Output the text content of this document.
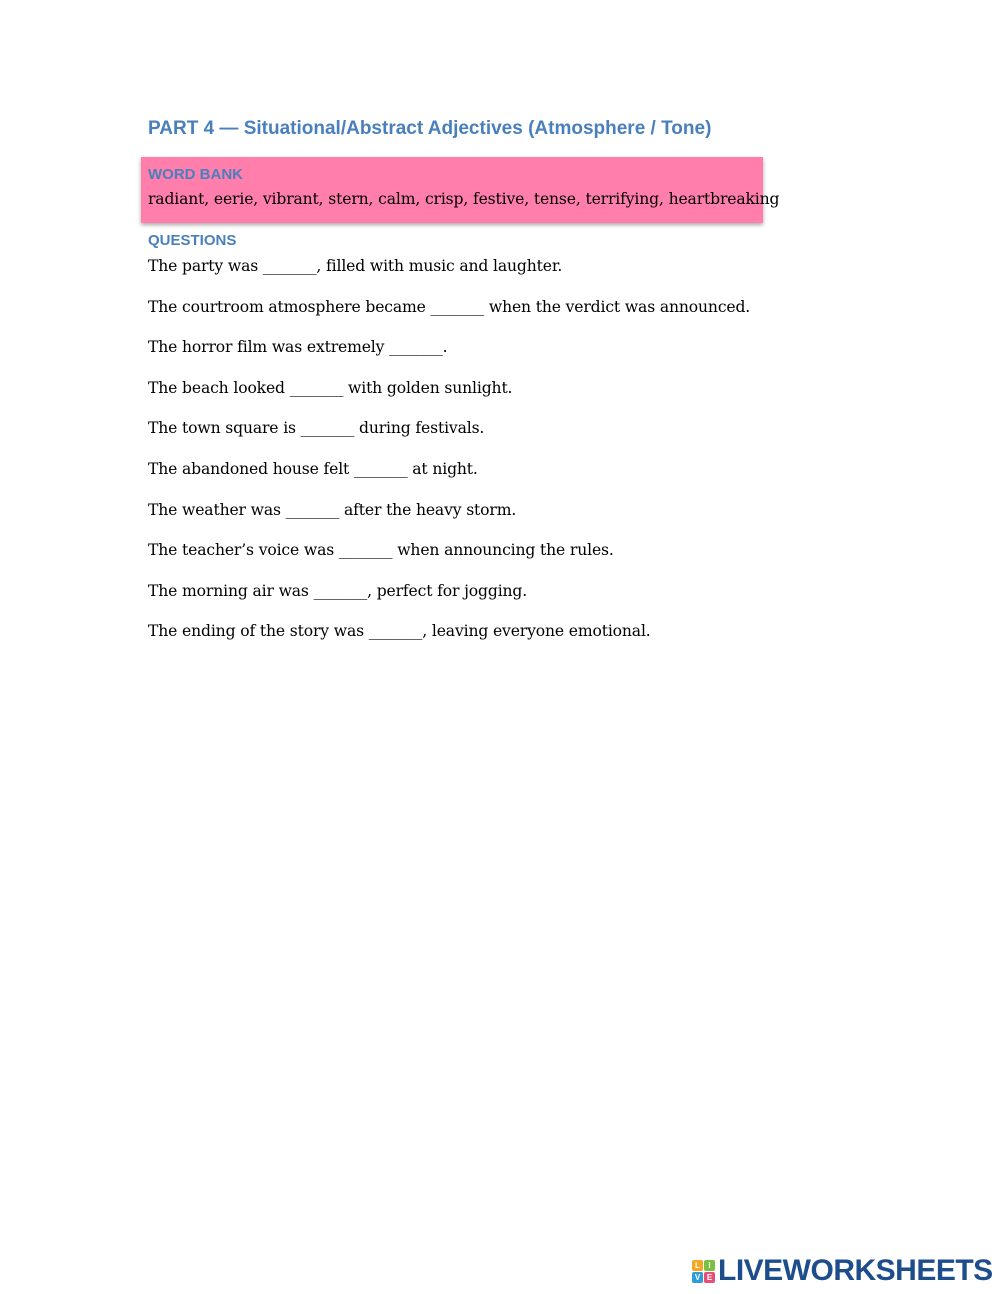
PART 4 — Situational/Abstract Adjectives (Atmosphere / Tone)
WORD BANK
radiant, eerie, vibrant, stern, calm, crisp, festive, tense, terrifying, heartbreaking
QUESTIONS
The party was _______, filled with music and laughter.
The courtroom atmosphere became _______ when the verdict was announced.
The horror film was extremely _______.
The beach looked _______ with golden sunlight.
The town square is _______ during festivals.
The abandoned house felt _______ at night.
The weather was _______ after the heavy storm.
The teacher’s voice was _______ when announcing the rules.
The morning air was _______, perfect for jogging.
The ending of the story was _______, leaving everyone emotional.
L	I
V E LIVEWORKSHEETS
